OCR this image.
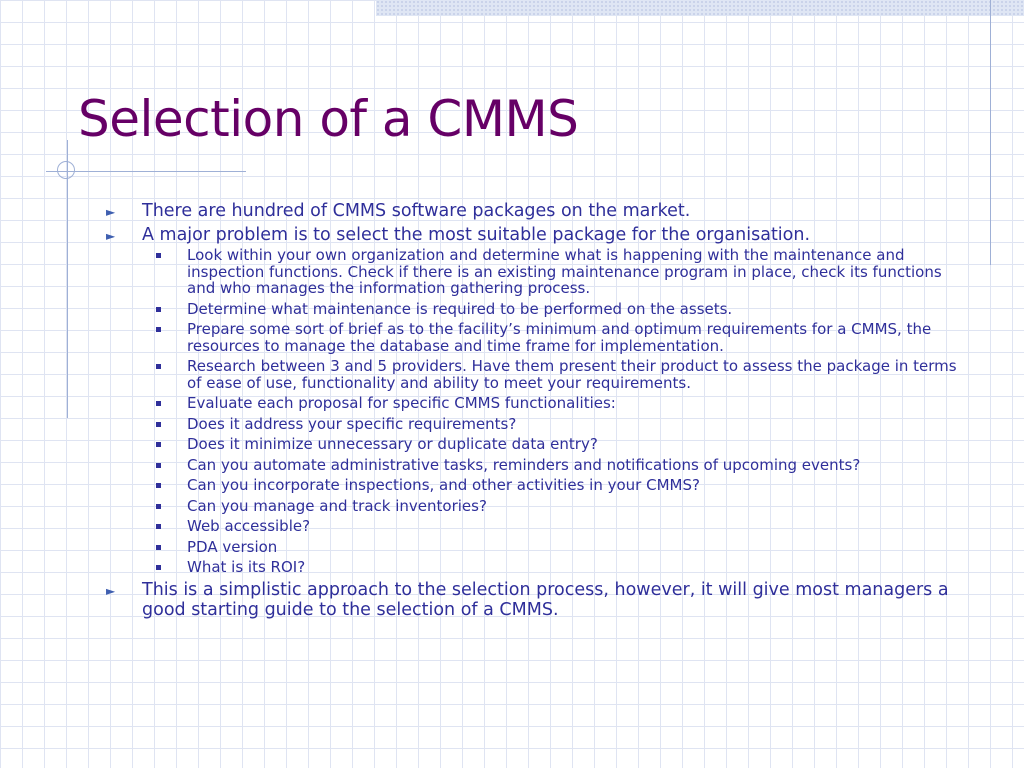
Selection of a CMMS
► There are hundred of CMMS software packages on the market.
► A major problem is to select the most suitable package for the organisation.
Look within your own organization and determine what is happening with the maintenance and inspection functions. Check if there is an existing maintenance program in place, check its functions and who manages the information gathering process.
Determine what maintenance is required to be performed on the assets.
Prepare some sort of brief as to the facility’s minimum and optimum requirements for a CMMS, the resources to manage the database and time frame for implementation.
Research between 3 and 5 providers. Have them present their product to assess the package in terms of ease of use, functionality and ability to meet your requirements.
Evaluate each proposal for specific CMMS functionalities:
Does it address your specific requirements?
Does it minimize unnecessary or duplicate data entry?
Can you automate administrative tasks, reminders and notifications of upcoming events?
Can you incorporate inspections, and other activities in your CMMS?
Can you manage and track inventories?
Web accessible?
PDA version
What is its ROI?
► This is a simplistic approach to the selection process, however, it will give most managers a good starting guide to the selection of a CMMS.
